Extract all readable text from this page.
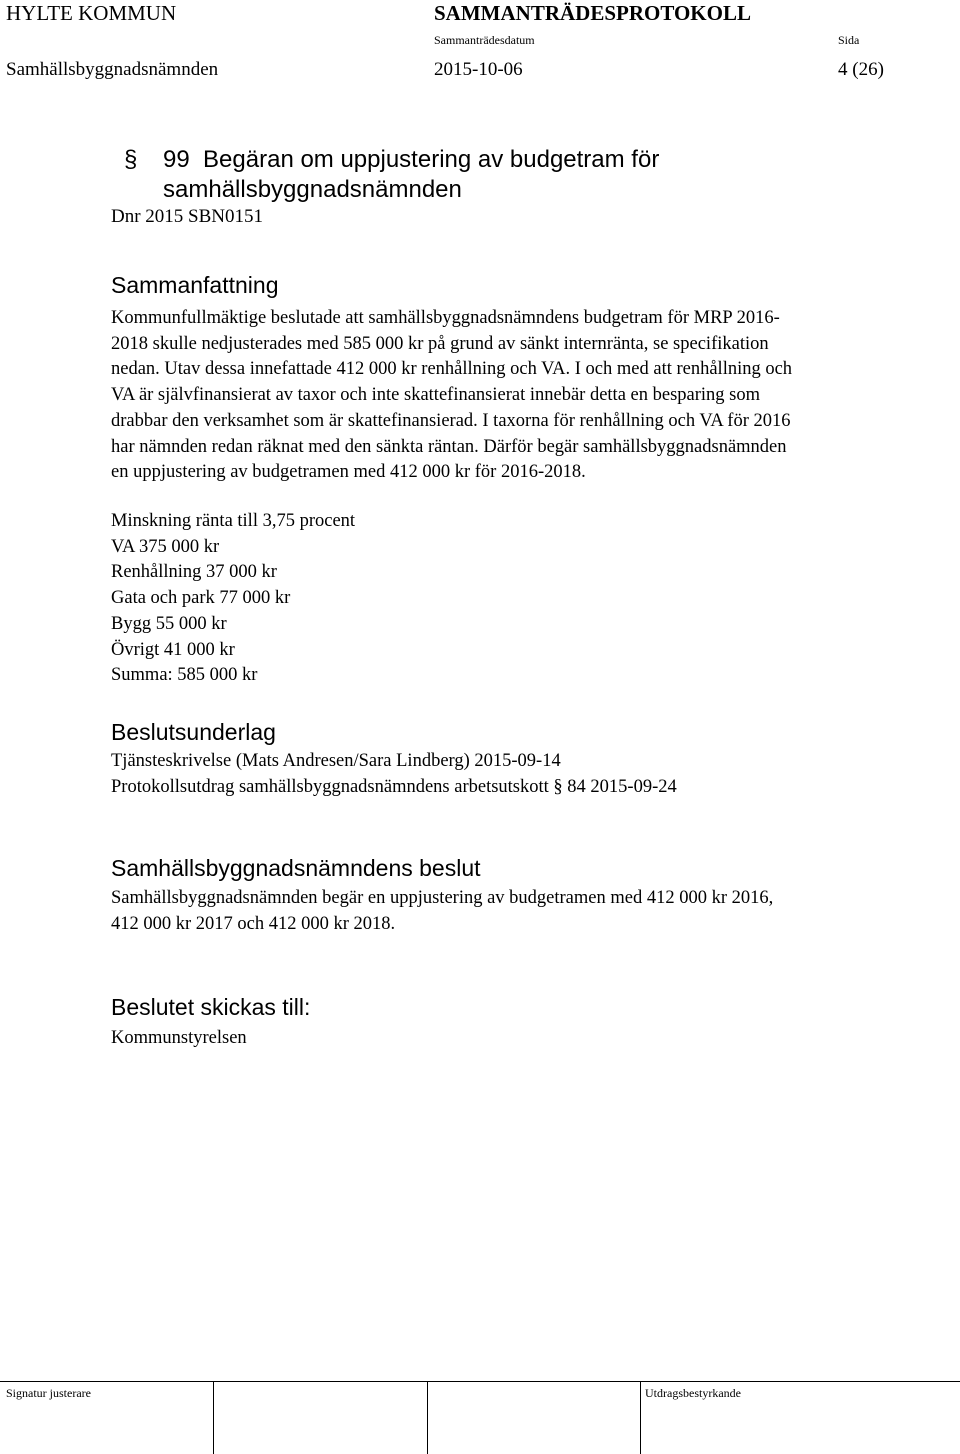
HYLTE KOMMUN	SAMMANTRÄDESPROTOKOLL
Sammanträdesdatum	Sida
Samhällsbyggnadsnämnden	2015-10-06	4 (26)
§ 99 Begäran om uppjustering av budgetram för
samhällsbyggnadsnämnden
Dnr 2015 SBN0151
Sammanfattning
Kommunfullmäktige beslutade att samhällsbyggnadsnämndens budgetram för MRP 2016-
2018 skulle nedjusterades med 585 000 kr på grund av sänkt internränta, se specifikation
nedan. Utav dessa innefattade 412 000 kr renhållning och VA. I och med att renhållning och
VA är självfinansierat av taxor och inte skattefinansierat innebär detta en besparing som
drabbar den verksamhet som är skattefinansierad. I taxorna för renhållning och VA för 2016
har nämnden redan räknat med den sänkta räntan. Därför begär samhällsbyggnadsnämnden
en uppjustering av budgetramen med 412 000 kr för 2016-2018.
Minskning ränta till 3,75 procent
VA 375 000 kr
Renhållning 37 000 kr
Gata och park 77 000 kr
Bygg 55 000 kr
Övrigt 41 000 kr
Summa: 585 000 kr
Beslutsunderlag
Tjänsteskrivelse (Mats Andresen/Sara Lindberg) 2015-09-14
Protokollsutdrag samhällsbyggnadsnämndens arbetsutskott § 84 2015-09-24
Samhällsbyggnadsnämndens beslut
Samhällsbyggnadsnämnden begär en uppjustering av budgetramen med 412 000 kr 2016,
412 000 kr 2017 och 412 000 kr 2018.
Beslutet skickas till:
Kommunstyrelsen
Signatur justerare	Utdragsbestyrkande
